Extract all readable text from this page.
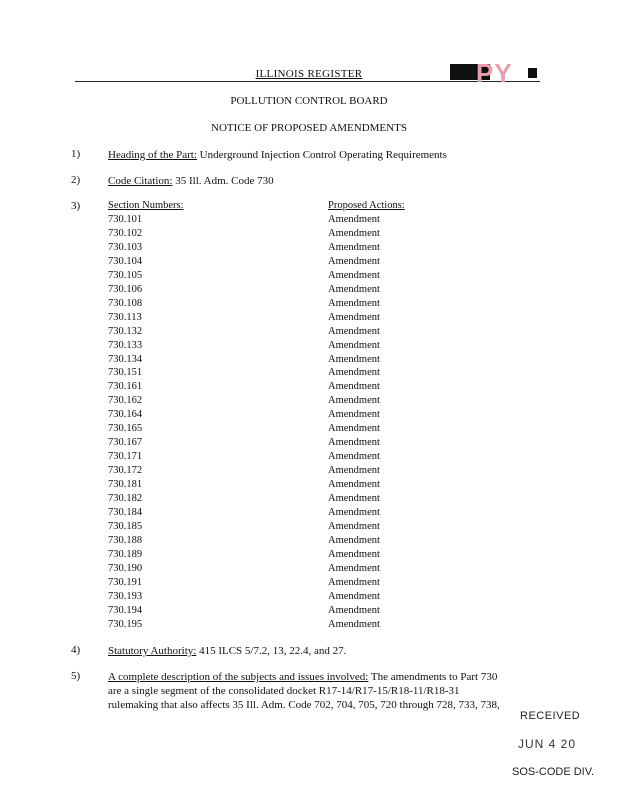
ILLINOIS REGISTER	PY
POLLUTION CONTROL BOARD
NOTICE OF PROPOSED AMENDMENTS
1)	Heading of the Part: Underground Injection Control Operating Requirements
2)	Code Citation: 35 Ill. Adm. Code 730
3)	Section Numbers:	Proposed Actions:
730.101	Amendment
730.102	Amendment
730.103	Amendment
730.104	Amendment
730.105	Amendment
730.106	Amendment
730.108	Amendment
730.113	Amendment
730.132	Amendment
730.133	Amendment
730.134	Amendment
730.151	Amendment
730.161	Amendment
730.162	Amendment
730.164	Amendment
730.165	Amendment
730.167	Amendment
730.171	Amendment
730.172	Amendment
730.181	Amendment
730.182	Amendment
730.184	Amendment
730.185	Amendment
730.188	Amendment
730.189	Amendment
730.190	Amendment
730.191	Amendment
730.193	Amendment
730.194	Amendment
730.195	Amendment
4)	Statutory Authority: 415 ILCS 5/7.2, 13, 22.4, and 27.
5)	A complete description of the subjects and issues involved: The amendments to Part 730
are a single segment of the consolidated docket R17-14/R17-15/R18-11/R18-31
rulemaking that also affects 35 Ill. Adm. Code 702, 704, 705, 720 through 728, 733, 738,
RECEIVED
JUN 4 20
SOS-CODE DIV.
